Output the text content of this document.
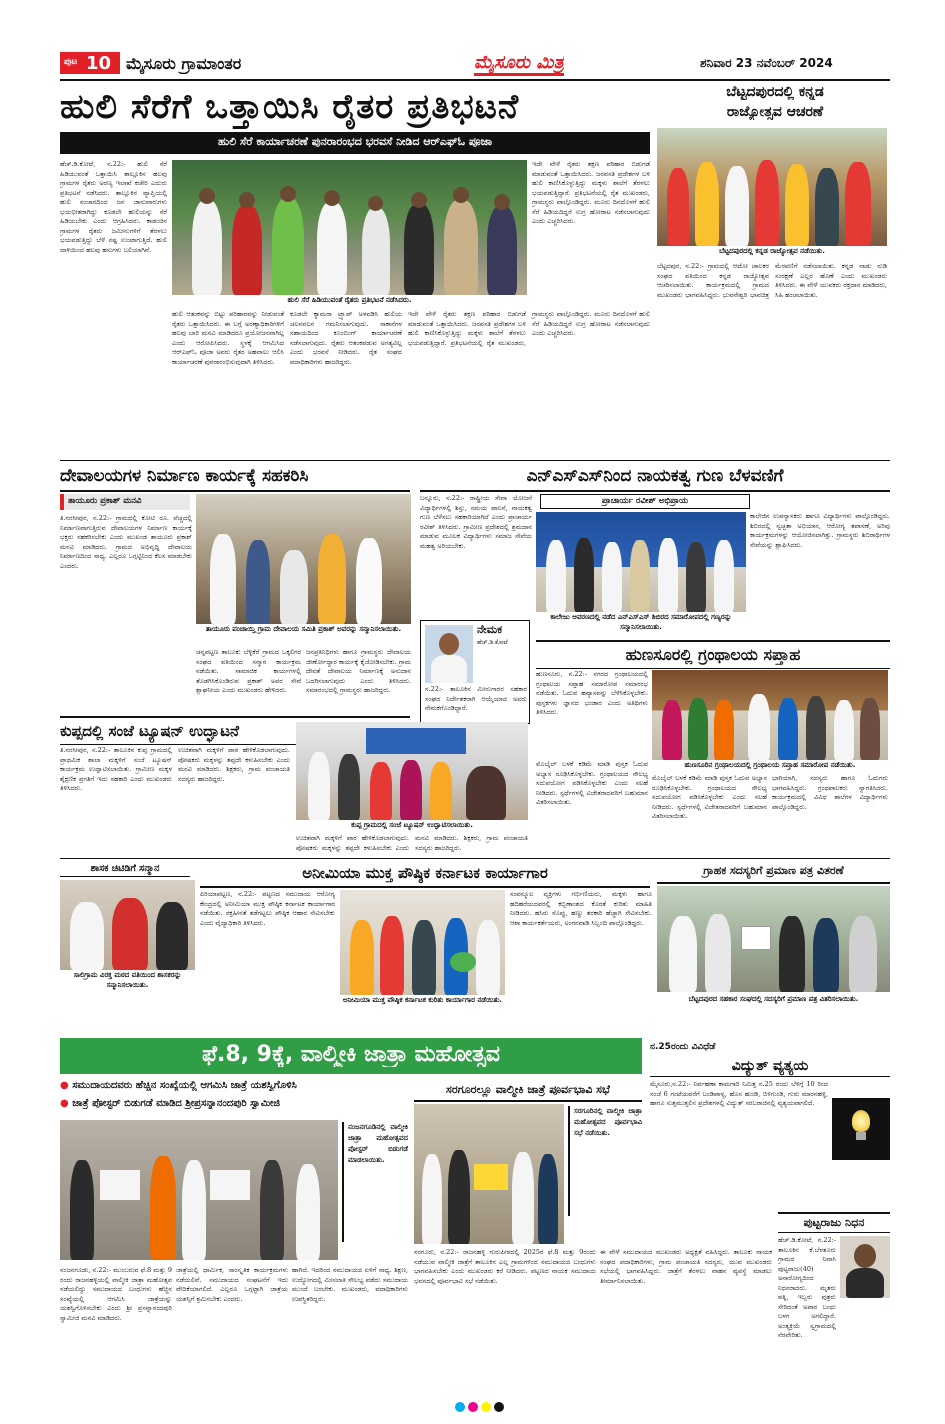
ಪುಟ 10 ಮೈಸೂರು ಗ್ರಾಮಾಂತರ	ಮೈಸೂರು ಮಿತ್ರ	ಶನಿವಾರ 23 ನವೆಂಬರ್ 2024
ಹುಲಿ ಸೆರೆಗೆ ಒತ್ತಾಯಿಸಿ ರೈತರ ಪ್ರತಿಭಟನೆ
ಹುಲಿ ಸೆರೆ ಕಾರ್ಯಾಚರಣೆ ಪುನರಾರಂಭದ ಭರವಸೆ ನೀಡಿದ ಆರ್‌ಎಫ್‌ಓ ಪೂಜಾ
ಹೆಚ್.ಡಿ.ಕೋಟೆ, ನ.22:- ಹುಲಿ ಸೆರೆ ಹಿಡಿಯುವಂತೆ ಒತ್ತಾಯಿಸಿ ತಾಲ್ಲೂಕಿನ ಹಲವು ಗ್ರಾಮಗಳ ರೈತರು ಅರಣ್ಯ ಇಲಾಖೆ ಕಚೇರಿ ಎದುರು ಪ್ರತಿಭಟನೆ ನಡೆಸಿದರು. ತಾಲ್ಲೂಕಿನ ವ್ಯಾಪ್ತಿಯಲ್ಲಿ ಹುಲಿ ಸಂಚಾರದಿಂದ ಜನ ಜಾನುವಾರುಗಳು ಭಯಭೀತರಾಗಿದ್ದು ಕೂಡಲೇ ಹುಲಿಯನ್ನು ಸೆರೆ ಹಿಡಿಯಬೇಕು ಎಂದು ಆಗ್ರಹಿಸಿದರು. ಕಾಡಂಚಿನ ಗ್ರಾಮಗಳ ರೈತರು ಜಮೀನುಗಳಿಗೆ ತೆರಳಲು ಭಯಪಡುತ್ತಿದ್ದು ಬೆಳೆ ನಷ್ಟ ಉಂಟಾಗುತ್ತಿದೆ. ಹುಲಿ ದಾಳಿಯಿಂದ ಹಲವು ಹಸುಗಳು ಬಲಿಯಾಗಿವೆ.
ಹುಲಿ ಸೆರೆ ಹಿಡಿಯುವಂತೆ ರೈತರು ಪ್ರತಿಭಟನೆ ನಡೆಸಿದರು.
ಹುಲಿ ಆತಂಕವನ್ನು ಬಿಟ್ಟು ಪರಿಹಾರವನ್ನು ನೀಡುವಂತೆ ರೈತರು ಒತ್ತಾಯಿಸಿದರು. ಈ ಬಗ್ಗೆ ಅರಣ್ಯಾಧಿಕಾರಿಗಳಿಗೆ ಹಲವು ಬಾರಿ ಮನವಿ ಮಾಡಿದರೂ ಪ್ರಯೋಜನವಾಗಿಲ್ಲ ಎಂದು ಆರೋಪಿಸಿದರು. ಸ್ಥಳಕ್ಕೆ ಆಗಮಿಸಿದ ಆರ್‌ಎಫ್‌ಓ ಪೂಜಾ ಅವರು ರೈತರ ಅಹವಾಲು ಆಲಿಸಿ ಕಾರ್ಯಾಚರಣೆ ಪುನರಾರಂಭಿಸುವುದಾಗಿ ತಿಳಿಸಿದರು.
ಕೂಡಲೇ ಕ್ಯಾಮರಾ ಟ್ರ್ಯಾಪ್ ಅಳವಡಿಸಿ ಹುಲಿಯ ಚಲನವಲನ ಗಮನಿಸಲಾಗುವುದು. ಸಾಕಾನೆಗಳ ಸಹಾಯದಿಂದ ಕೂಂಬಿಂಗ್ ಕಾರ್ಯಾಚರಣೆ ನಡೆಸಲಾಗುವುದು. ರೈತರು ಆತಂಕಪಡುವ ಅಗತ್ಯವಿಲ್ಲ ಎಂದು ಭರವಸೆ ನೀಡಿದರು. ರೈತ ಸಂಘದ ಪದಾಧಿಕಾರಿಗಳು ಹಾಜರಿದ್ದರು.
ಇದೇ ವೇಳೆ ರೈತರು ತಕ್ಷಣ ಪರಿಹಾರ ಬಿಡುಗಡೆ ಮಾಡುವಂತೆ ಒತ್ತಾಯಿಸಿದರು. ಜನವಸತಿ ಪ್ರದೇಶಗಳ ಬಳಿ ಹುಲಿ ಕಾಣಿಸಿಕೊಳ್ಳುತ್ತಿದ್ದು ಮಕ್ಕಳು ಶಾಲೆಗೆ ತೆರಳಲು ಭಯಪಡುತ್ತಿದ್ದಾರೆ. ಪ್ರತಿಭಟನೆಯಲ್ಲಿ ರೈತ ಮುಖಂಡರು, ಗ್ರಾಮಸ್ಥರು ಪಾಲ್ಗೊಂಡಿದ್ದರು. ಮೂರು ದಿನದೊಳಗೆ ಹುಲಿ ಸೆರೆ ಹಿಡಿಯದಿದ್ದರೆ ಉಗ್ರ ಹೋರಾಟ ನಡೆಸಲಾಗುವುದು ಎಂದು ಎಚ್ಚರಿಸಿದರು.
ಇದೇ ವೇಳೆ ರೈತರು ತಕ್ಷಣ ಪರಿಹಾರ ಬಿಡುಗಡೆ ಮಾಡುವಂತೆ ಒತ್ತಾಯಿಸಿದರು. ಜನವಸತಿ ಪ್ರದೇಶಗಳ ಬಳಿ ಹುಲಿ ಕಾಣಿಸಿಕೊಳ್ಳುತ್ತಿದ್ದು ಮಕ್ಕಳು ಶಾಲೆಗೆ ತೆರಳಲು ಭಯಪಡುತ್ತಿದ್ದಾರೆ. ಪ್ರತಿಭಟನೆಯಲ್ಲಿ ರೈತ ಮುಖಂಡರು, ಗ್ರಾಮಸ್ಥರು ಪಾಲ್ಗೊಂಡಿದ್ದರು. ಮೂರು ದಿನದೊಳಗೆ ಹುಲಿ ಸೆರೆ ಹಿಡಿಯದಿದ್ದರೆ ಉಗ್ರ ಹೋರಾಟ ನಡೆಸಲಾಗುವುದು ಎಂದು ಎಚ್ಚರಿಸಿದರು.
ಬೆಟ್ಟದಪುರದಲ್ಲಿ ಕನ್ನಡ
ರಾಜ್ಯೋತ್ಸವ ಆಚರಣೆ
ಬೆಟ್ಟದಪುರದಲ್ಲಿ ಕನ್ನಡ ರಾಜ್ಯೋತ್ಸವ ನಡೆಯಿತು.
ಬೆಟ್ಟದಪುರ, ನ.22:- ಗ್ರಾಮದಲ್ಲಿ ಆಟೋ ಚಾಲಕರ ಸಂಘದ ವತಿಯಿಂದ ಕನ್ನಡ ರಾಜ್ಯೋತ್ಸವ ಆಚರಿಸಲಾಯಿತು. ಕಾರ್ಯಕ್ರಮದಲ್ಲಿ ಗ್ರಾಮದ ಮುಖಂಡರು ಭಾಗವಹಿಸಿದ್ದರು. ಭುವನೇಶ್ವರಿ ಭಾವಚಿತ್ರ ಮೆರವಣಿಗೆ ನಡೆಸಲಾಯಿತು. ಕನ್ನಡ ನಾಡು ನುಡಿ ಸಂರಕ್ಷಣೆ ಎಲ್ಲರ ಹೊಣೆ ಎಂದು ಮುಖಂಡರು ತಿಳಿಸಿದರು. ಈ ವೇಳೆ ಯುವಕರು ರಕ್ತದಾನ ಮಾಡಿದರು, ಸಿಹಿ ಹಂಚಲಾಯಿತು.
ದೇವಾಲಯಗಳ ನಿರ್ಮಾಣ ಕಾರ್ಯಕ್ಕೆ ಸಹಕರಿಸಿ
ತಾಯೂರು ಪ್ರಕಾಶ್ ಮನವಿ
ತಿ.ನರಸೀಪುರ, ನ.22:- ಗ್ರಾಮದಲ್ಲಿ ಕೋಟಿ ರೂ. ವೆಚ್ಚದಲ್ಲಿ ನಿರ್ಮಾಣವಾಗುತ್ತಿರುವ ದೇವಾಲಯಗಳ ನಿರ್ಮಾಣ ಕಾರ್ಯಕ್ಕೆ ಭಕ್ತರು ಸಹಕರಿಸಬೇಕು ಎಂದು ಮುಖಂಡ ತಾಯೂರು ಪ್ರಕಾಶ್ ಮನವಿ ಮಾಡಿದರು. ಗ್ರಾಮದ ಅಭಿವೃದ್ಧಿ ದೇವಾಲಯ ನಿರ್ಮಾಣದಿಂದ ಸಾಧ್ಯ. ಎಲ್ಲರೂ ಒಗ್ಗಟ್ಟಿನಿಂದ ಕೆಲಸ ಮಾಡಬೇಕು ಎಂದರು.
ತಾಯೂರು ಪಂಚಾಯ್ತಿ ಗ್ರಾಮ ದೇವಾಲಯ ಸಮಿತಿ ಪ್ರಕಾಶ್ ಅವರನ್ನು ಸನ್ಮಾನಿಸಲಾಯಿತು.
ಚನ್ನಪಟ್ಟಣ ತಾಲೂಕು ಬೆಳ್ಳಿಕೆರೆ ಗ್ರಾಮದ ಒಕ್ಕಲಿಗರ ಸಂಘದ ವತಿಯಿಂದ ಸನ್ಮಾನ ಕಾರ್ಯಕ್ರಮ ನಡೆಯಿತು. ಸಾಮಾಜಿಕ ಕಾರ್ಯಗಳಲ್ಲಿ ತೊಡಗಿಸಿಕೊಂಡಿರುವ ಪ್ರಕಾಶ್ ಅವರ ಸೇವೆ ಶ್ಲಾಘನೀಯ ಎಂದು ಮುಖಂಡರು ಹೇಳಿದರು.
ಜನಪ್ರತಿನಿಧಿಗಳು ಹಾಗೂ ಗ್ರಾಮಸ್ಥರು ದೇವಾಲಯ ಜೀರ್ಣೋದ್ಧಾರ ಕಾರ್ಯಕ್ಕೆ ಕೈಜೋಡಿಸಬೇಕು. ಗ್ರಾಮ ದೇವತೆ ದೇವಾಲಯ ನಿರ್ಮಾಣಕ್ಕೆ ಅನುದಾನ ಒದಗಿಸಲಾಗುವುದು ಎಂದು ತಿಳಿಸಿದರು. ಸಮಾರಂಭದಲ್ಲಿ ಗ್ರಾಮಸ್ಥರು ಹಾಜರಿದ್ದರು.
ಎನ್‌ಎಸ್‌ಎಸ್‌ನಿಂದ ನಾಯಕತ್ವ ಗುಣ ಬೆಳವಣಿಗೆ
ಪ್ರಾಚಾರ್ಯ ರವೀಶ್ ಅಭಿಪ್ರಾಯ
ಬನ್ನೂರು, ನ.22:- ರಾಷ್ಟ್ರೀಯ ಸೇವಾ ಯೋಜನೆ ವಿದ್ಯಾರ್ಥಿಗಳಲ್ಲಿ ಶಿಸ್ತು, ಸಮಯ ಪಾಲನೆ, ನಾಯಕತ್ವ ಗುಣ ಬೆಳೆಸಲು ಸಹಕಾರಿಯಾಗಿದೆ ಎಂದು ಪ್ರಾಚಾರ್ಯ ರವೀಶ್ ತಿಳಿಸಿದರು. ಗ್ರಾಮೀಣ ಪ್ರದೇಶದಲ್ಲಿ ಶ್ರಮದಾನ ಮಾಡುವ ಮೂಲಕ ವಿದ್ಯಾರ್ಥಿಗಳು ಸಮಾಜ ಸೇವೆಯ ಮಹತ್ವ ಅರಿಯಬೇಕು.
ಕಾಲೇಜು ಆವರಣದಲ್ಲಿ ನಡೆದ ಎನ್‌ಎಸ್‌ಎಸ್ ಶಿಬಿರದ ಸಮಾರೋಪದಲ್ಲಿ ಗಣ್ಯರನ್ನು ಸನ್ಮಾನಿಸಲಾಯಿತು.
ಕಾಲೇಜಿನ ಉಪನ್ಯಾಸಕರು ಹಾಗೂ ವಿದ್ಯಾರ್ಥಿಗಳು ಪಾಲ್ಗೊಂಡಿದ್ದರು. ಶಿಬಿರದಲ್ಲಿ ಸ್ವಚ್ಛತಾ ಅಭಿಯಾನ, ಆರೋಗ್ಯ ತಪಾಸಣೆ, ಅರಿವು ಕಾರ್ಯಕ್ರಮಗಳನ್ನು ಆಯೋಜಿಸಲಾಗಿತ್ತು. ಗ್ರಾಮಸ್ಥರು ಶಿಬಿರಾರ್ಥಿಗಳ ಸೇವೆಯನ್ನು ಶ್ಲಾಘಿಸಿದರು.
ನೇಮಕ
ಹೆಚ್.ಡಿ.ಕೋಟೆ
ನ.22:- ತಾಲೂಕಿನ ಮೀನುಗಾರರ ಸಹಕಾರ ಸಂಘದ ನಿರ್ದೇಶಕರಾಗಿ ಆಯ್ಕೆಯಾದ ಅವರು ನೇಮಕಗೊಂಡಿದ್ದಾರೆ.
ಹುಣಸೂರಲ್ಲಿ ಗ್ರಂಥಾಲಯ ಸಪ್ತಾಹ
ಹುಣಸೂರು, ನ.22:- ನಗರದ ಗ್ರಂಥಾಲಯದಲ್ಲಿ ಗ್ರಂಥಾಲಯ ಸಪ್ತಾಹ ಸಮಾರೋಪ ಸಮಾರಂಭ ನಡೆಯಿತು. ಓದುವ ಹವ್ಯಾಸವನ್ನು ಬೆಳೆಸಿಕೊಳ್ಳಬೇಕು. ಪುಸ್ತಕಗಳು ಜ್ಞಾನದ ಭಂಡಾರ ಎಂದು ಅತಿಥಿಗಳು ತಿಳಿಸಿದರು.
ಹುಣಸೂರಿನ ಗ್ರಂಥಾಲಯದಲ್ಲಿ ಗ್ರಂಥಾಲಯ ಸಪ್ತಾಹ ಸಮಾರೋಪ ನಡೆಯಿತು.
ಮೊಬೈಲ್ ಬಳಕೆ ಕಡಿಮೆ ಮಾಡಿ ಪುಸ್ತಕ ಓದುವ ಅಭ್ಯಾಸ ರೂಢಿಸಿಕೊಳ್ಳಬೇಕು. ಗ್ರಂಥಾಲಯದ ಸೌಲಭ್ಯ ಸದುಪಯೋಗ ಪಡಿಸಿಕೊಳ್ಳಬೇಕು ಎಂದು ಸಲಹೆ ನೀಡಿದರು. ಸ್ಪರ್ಧೆಗಳಲ್ಲಿ ವಿಜೇತರಾದವರಿಗೆ ಬಹುಮಾನ ವಿತರಿಸಲಾಯಿತು.
ಭಾಗಿಯಾಗಿ, ಸದಸ್ಯರು ಹಾಗೂ ಓದುಗರು ಭಾಗವಹಿಸಿದ್ದರು. ಗ್ರಂಥಪಾಲಕರು ಸ್ವಾಗತಿಸಿದರು. ಕಾರ್ಯಕ್ರಮದಲ್ಲಿ ವಿವಿಧ ಶಾಲೆಗಳ ವಿದ್ಯಾರ್ಥಿಗಳು ಪಾಲ್ಗೊಂಡಿದ್ದರು.
ಮೊಬೈಲ್ ಬಳಕೆ ಕಡಿಮೆ ಮಾಡಿ ಪುಸ್ತಕ ಓದುವ ಅಭ್ಯಾಸ ರೂಢಿಸಿಕೊಳ್ಳಬೇಕು. ಗ್ರಂಥಾಲಯದ ಸೌಲಭ್ಯ ಸದುಪಯೋಗ ಪಡಿಸಿಕೊಳ್ಳಬೇಕು ಎಂದು ಸಲಹೆ ನೀಡಿದರು. ಸ್ಪರ್ಧೆಗಳಲ್ಲಿ ವಿಜೇತರಾದವರಿಗೆ ಬಹುಮಾನ ವಿತರಿಸಲಾಯಿತು.
ಕುಪ್ಪದಲ್ಲಿ ಸಂಜೆ ಟ್ಯೂಷನ್ ಉದ್ಘಾಟನೆ
ತಿ.ನರಸೀಪುರ, ನ.22:- ತಾಲೂಕಿನ ಕುಪ್ಪ ಗ್ರಾಮದಲ್ಲಿ ಪ್ರಾಥಮಿಕ ಶಾಲಾ ಮಕ್ಕಳಿಗೆ ಸಂಜೆ ಟ್ಯೂಷನ್ ಕಾರ್ಯಕ್ರಮ ಉದ್ಘಾಟಿಸಲಾಯಿತು. ಗ್ರಾಮೀಣ ಮಕ್ಕಳ ಶೈಕ್ಷಣಿಕ ಪ್ರಗತಿಗೆ ಇದು ಸಹಕಾರಿ ಎಂದು ಮುಖಂಡರು ತಿಳಿಸಿದರು.
ಉಚಿತವಾಗಿ ಮಕ್ಕಳಿಗೆ ಪಾಠ ಹೇಳಿಕೊಡಲಾಗುವುದು. ಪೋಷಕರು ಮಕ್ಕಳನ್ನು ತಪ್ಪದೇ ಕಳುಹಿಸಬೇಕು ಎಂದು ಮನವಿ ಮಾಡಿದರು. ಶಿಕ್ಷಕರು, ಗ್ರಾಮ ಪಂಚಾಯತಿ ಸದಸ್ಯರು ಹಾಜರಿದ್ದರು.
ಕುಪ್ಪ ಗ್ರಾಮದಲ್ಲಿ ಸಂಜೆ ಟ್ಯೂಷನ್ ಉದ್ಘಾಟಿಸಲಾಯಿತು.
ಉಚಿತವಾಗಿ ಮಕ್ಕಳಿಗೆ ಪಾಠ ಹೇಳಿಕೊಡಲಾಗುವುದು. ಪೋಷಕರು ಮಕ್ಕಳನ್ನು ತಪ್ಪದೇ ಕಳುಹಿಸಬೇಕು ಎಂದು ಮನವಿ ಮಾಡಿದರು. ಶಿಕ್ಷಕರು, ಗ್ರಾಮ ಪಂಚಾಯತಿ ಸದಸ್ಯರು ಹಾಜರಿದ್ದರು.
ಶಾಸಕ ಚಿಟಿಡಿಗೆ ಸನ್ಮಾನ
ಸಾಲಿಗ್ರಾಮ ವಿರಕ್ತ ಮಠದ ವತಿಯಿಂದ ಶಾಸಕರನ್ನು ಸನ್ಮಾನಿಸಲಾಯಿತು.
ಅನೀಮಿಯಾ ಮುಕ್ತ ಪೌಷ್ಠಿಕ ಕರ್ನಾಟಕ ಕಾರ್ಯಾಗಾರ
ಪಿರಿಯಾಪಟ್ಟಣ, ನ.22:- ಪಟ್ಟಣದ ಸಮುದಾಯ ಆರೋಗ್ಯ ಕೇಂದ್ರದಲ್ಲಿ ಅನೀಮಿಯಾ ಮುಕ್ತ ಪೌಷ್ಠಿಕ ಕರ್ನಾಟಕ ಕಾರ್ಯಾಗಾರ ನಡೆಯಿತು. ರಕ್ತಹೀನತೆ ತಡೆಗಟ್ಟಲು ಪೌಷ್ಠಿಕ ಆಹಾರ ಸೇವಿಸಬೇಕು ಎಂದು ವೈದ್ಯಾಧಿಕಾರಿ ತಿಳಿಸಿದರು.
ಅನೀಮಿಯಾ ಮುಕ್ತ ಪೌಷ್ಠಿಕ ಕರ್ನಾಟಕ ಕುರಿತು ಕಾರ್ಯಾಗಾರ ನಡೆಯಿತು.
ಸಂಪನ್ಮೂಲ ವ್ಯಕ್ತಿಗಳು ಗರ್ಭಿಣಿಯರು, ಮಕ್ಕಳು ಹಾಗೂ ಹದಿಹರೆಯದವರಲ್ಲಿ ಕಬ್ಬಿಣಾಂಶದ ಕೊರತೆ ಕುರಿತು ಮಾಹಿತಿ ನೀಡಿದರು. ಹಸಿರು ಸೊಪ್ಪು, ಹಣ್ಣು ತರಕಾರಿ ಹೆಚ್ಚಾಗಿ ಸೇವಿಸಬೇಕು. ಆಶಾ ಕಾರ್ಯಕರ್ತೆಯರು, ಅಂಗನವಾಡಿ ಸಿಬ್ಬಂದಿ ಪಾಲ್ಗೊಂಡಿದ್ದರು.
ಗ್ರಾಹಕ ಸದಸ್ಯರಿಗೆ ಪ್ರಮಾಣ ಪತ್ರ ವಿತರಣೆ
ಬೆಟ್ಟದಪುರದ ಸಹಕಾರ ಸಂಘದಲ್ಲಿ ಸದಸ್ಯರಿಗೆ ಪ್ರಮಾಣ ಪತ್ರ ವಿತರಿಸಲಾಯಿತು.
ಫೆ.8, 9ಕ್ಕೆ, ವಾಲ್ಮೀಕಿ ಜಾತ್ರಾ ಮಹೋತ್ಸವ
● ಸಮುದಾಯದವರು ಹೆಚ್ಚಿನ ಸಂಖ್ಯೆಯಲ್ಲಿ ಆಗಮಿಸಿ ಜಾತ್ರೆ ಯಶಸ್ವಿಗೊಳಿಸಿ
● ಜಾತ್ರೆ ಪೋಸ್ಟರ್ ಬಿಡುಗಡೆ ಮಾಡಿದ ಶ್ರೀಪ್ರಸನ್ನಾನಂದಪುರಿ ಸ್ವಾಮೀಜಿ
ನಂಜನಗೂಡಿನಲ್ಲಿ ವಾಲ್ಮೀಕಿ ಜಾತ್ರಾ ಮಹೋತ್ಸವದ ಪೋಸ್ಟರ್ ಬಿಡುಗಡೆ ಮಾಡಲಾಯಿತು.
ನಂಜನಗೂಡು, ನ.22:- ಮುಂಬರುವ ಫೆ.8 ಮತ್ತು 9 ರಂದು ರಾಜನಹಳ್ಳಿಯಲ್ಲಿ ವಾಲ್ಮೀಕಿ ಜಾತ್ರಾ ಮಹೋತ್ಸವ ನಡೆಯಲಿದ್ದು ಸಮುದಾಯದ ಬಂಧುಗಳು ಹೆಚ್ಚಿನ ಸಂಖ್ಯೆಯಲ್ಲಿ ಆಗಮಿಸಿ ಜಾತ್ರೆಯನ್ನು ಯಶಸ್ವಿಗೊಳಿಸಬೇಕು ಎಂದು ಶ್ರೀ ಪ್ರಸನ್ನಾನಂದಪುರಿ ಸ್ವಾಮೀಜಿ ಮನವಿ ಮಾಡಿದರು.
ಜಾತ್ರೆಯಲ್ಲಿ ಧಾರ್ಮಿಕ, ಸಾಂಸ್ಕೃತಿಕ ಕಾರ್ಯಕ್ರಮಗಳು ನಡೆಯಲಿವೆ. ಸಮುದಾಯದ ಸಂಘಟನೆಗೆ ಇದು ವೇದಿಕೆಯಾಗಲಿದೆ. ಎಲ್ಲರೂ ಒಗ್ಗಟ್ಟಾಗಿ ಜಾತ್ರೆಯ ಯಶಸ್ಸಿಗೆ ಶ್ರಮಿಸಬೇಕು ಎಂದರು.
ಹಾಗಿದೆ. ಇದರಿಂದ ಸಮುದಾಯದ ಏಳಿಗೆ ಸಾಧ್ಯ. ಶಿಕ್ಷಣ, ಉದ್ಯೋಗದಲ್ಲಿ ಮೀಸಲಾತಿ ಸೌಲಭ್ಯ ಪಡೆದು ಸಮುದಾಯ ಮುಂದೆ ಬರಬೇಕು. ಮುಖಂಡರು, ಪದಾಧಿಕಾರಿಗಳು ಉಪಸ್ಥಿತರಿದ್ದರು.
ಸರಗೂರಲ್ಲೂ ವಾಲ್ಮೀಕಿ ಜಾತ್ರೆ ಪೂರ್ವಭಾವಿ ಸಭೆ
ಸರಗೂರಿನಲ್ಲಿ ವಾಲ್ಮೀಕಿ ಜಾತ್ರಾ ಮಹೋತ್ಸವದ ಪೂರ್ವಭಾವಿ ಸಭೆ ನಡೆಯಿತು.
ಸರಗೂರು, ನ.22:- ರಾಜನಹಳ್ಳಿ ಗುರುಪೀಠದಲ್ಲಿ 2025ರ ಫೆ.8 ಮತ್ತು 9ರಂದು ನಡೆಯುವ ವಾಲ್ಮೀಕಿ ಜಾತ್ರೆಗೆ ತಾಲೂಕಿನ ಎಲ್ಲ ಗ್ರಾಮಗಳಿಂದ ಸಮುದಾಯದ ಬಂಧುಗಳು ಭಾಗವಹಿಸಬೇಕು ಎಂದು ಮುಖಂಡರು ಕರೆ ನೀಡಿದರು. ಪಟ್ಟಣದ ನಾಯಕ ಸಮುದಾಯ ಭವನದಲ್ಲಿ ಪೂರ್ವಭಾವಿ ಸಭೆ ನಡೆಯಿತು.
ಈ ವೇಳೆ ಸಮುದಾಯದ ಮುಖಂಡರು ಅಧ್ಯಕ್ಷತೆ ವಹಿಸಿದ್ದರು. ತಾಲೂಕು ನಾಯಕ ಸಂಘದ ಪದಾಧಿಕಾರಿಗಳು, ಗ್ರಾಮ ಪಂಚಾಯತಿ ಸದಸ್ಯರು, ಯುವ ಮುಖಂಡರು ಸಭೆಯಲ್ಲಿ ಭಾಗವಹಿಸಿದ್ದರು. ಜಾತ್ರೆಗೆ ತೆರಳಲು ವಾಹನ ವ್ಯವಸ್ಥೆ ಮಾಡಲು ತೀರ್ಮಾನಿಸಲಾಯಿತು.
ನ.25ರಂದು ವಿವಿಧೆಡೆ
ವಿದ್ಯುತ್ ವ್ಯತ್ಯಯ
ಮೈಸೂರು,ನ.22:- ನಿರ್ವಹಣಾ ಕಾಮಗಾರಿ ನಿಮಿತ್ತ ನ.25 ರಂದು ಬೆಳಿಗ್ಗೆ 10 ರಿಂದ ಸಂಜೆ 6 ಗಂಟೆಯವರೆಗೆ ಬಂಡಿಪಾಳ್ಯ, ಹೊಸ ಹುಂಡಿ, ಬಿಳಿಗುಂಡಿ, ಗುರು ಮಾರನಹಳ್ಳಿ, ಹಾಗೂ ಸುತ್ತಮುತ್ತಲಿನ ಪ್ರದೇಶಗಳಲ್ಲಿ ವಿದ್ಯುತ್ ಸರಬರಾಜಿನಲ್ಲಿ ವ್ಯತ್ಯಯವಾಗಲಿದೆ.
ಪುಟ್ಟರಾಜು ನಿಧನ
ಹೆಚ್.ಡಿ.ಕೋಟೆ, ನ.22:- ತಾಲೂಕಿನ ಕೆ.ಬೆಳತೂರು ಗ್ರಾಮದ ನಿವಾಸಿ ಪುಟ್ಟರಾಜು(40) ಅನಾರೋಗ್ಯದಿಂದ ನಿಧನರಾದರು. ಮೃತರು ಪತ್ನಿ, ಇಬ್ಬರು ಪುತ್ರರು ಸೇರಿದಂತೆ ಅಪಾರ ಬಂಧು ಬಳಗ ಅಗಲಿದ್ದಾರೆ. ಅಂತ್ಯಕ್ರಿಯೆ ಸ್ವಗ್ರಾಮದಲ್ಲಿ ನೆರವೇರಿತು.
